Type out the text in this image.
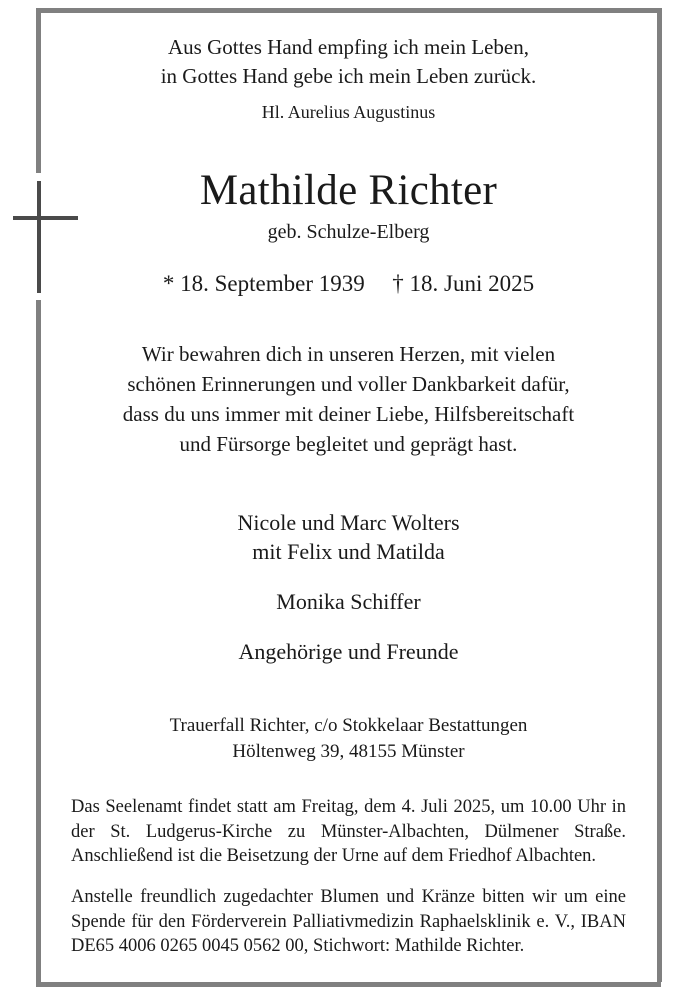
Aus Gottes Hand empfing ich mein Leben,
in Gottes Hand gebe ich mein Leben zurück.
Hl. Aurelius Augustinus
Mathilde Richter
geb. Schulze-Elberg
* 18. September 1939 † 18. Juni 2025
Wir bewahren dich in unseren Herzen, mit vielen
schönen Erinnerungen und voller Dankbarkeit dafür,
dass du uns immer mit deiner Liebe, Hilfsbereitschaft
und Fürsorge begleitet und geprägt hast.
Nicole und Marc Wolters
mit Felix und Matilda
Monika Schiffer
Angehörige und Freunde
Trauerfall Richter, c/o Stokkelaar Bestattungen
Höltenweg 39, 48155 Münster

Das Seelenamt findet statt am Freitag, dem 4. Juli 2025, um 10.00 Uhr in der St. Ludgerus-Kirche zu Münster-Albachten, Dülmener Straße. Anschließend ist die Beisetzung der Urne auf dem Friedhof Albachten.

Anstelle freundlich zugedachter Blumen und Kränze bitten wir um eine Spende für den Förderverein Palliativmedizin Raphaelsklinik e. V., IBAN DE65 4006 0265 0045 0562 00, Stichwort: Mathilde Richter.
